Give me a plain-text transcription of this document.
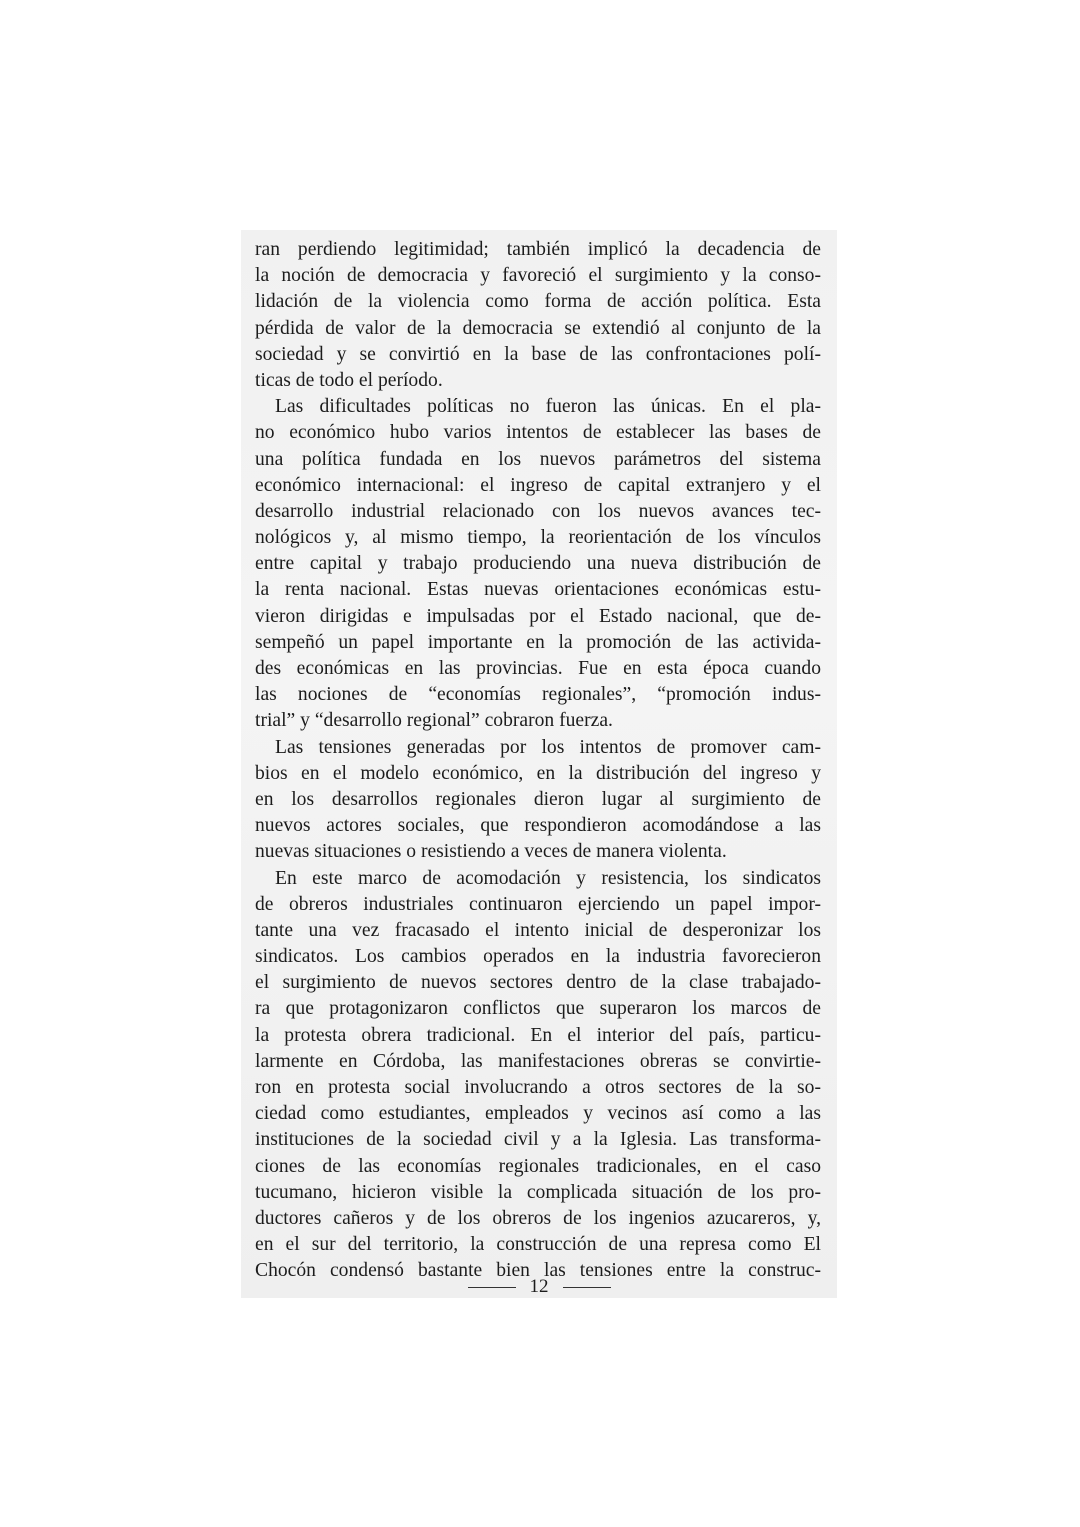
ran perdiendo legitimidad; también implicó la decadencia de
la noción de democracia y favoreció el surgimiento y la conso-
lidación de la violencia como forma de acción política. Esta
pérdida de valor de la democracia se extendió al conjunto de la
sociedad y se convirtió en la base de las confrontaciones polí-
ticas de todo el período.
Las dificultades políticas no fueron las únicas. En el pla-
no económico hubo varios intentos de establecer las bases de
una política fundada en los nuevos parámetros del sistema
económico internacional: el ingreso de capital extranjero y el
desarrollo industrial relacionado con los nuevos avances tec-
nológicos y, al mismo tiempo, la reorientación de los vínculos
entre capital y trabajo produciendo una nueva distribución de
la renta nacional. Estas nuevas orientaciones económicas estu-
vieron dirigidas e impulsadas por el Estado nacional, que de-
sempeñó un papel importante en la promoción de las activida-
des económicas en las provincias. Fue en esta época cuando
las nociones de “economías regionales”, “promoción indus-
trial” y “desarrollo regional” cobraron fuerza.
Las tensiones generadas por los intentos de promover cam-
bios en el modelo económico, en la distribución del ingreso y
en los desarrollos regionales dieron lugar al surgimiento de
nuevos actores sociales, que respondieron acomodándose a las
nuevas situaciones o resistiendo a veces de manera violenta.
En este marco de acomodación y resistencia, los sindicatos
de obreros industriales continuaron ejerciendo un papel impor-
tante una vez fracasado el intento inicial de desperonizar los
sindicatos. Los cambios operados en la industria favorecieron
el surgimiento de nuevos sectores dentro de la clase trabajado-
ra que protagonizaron conflictos que superaron los marcos de
la protesta obrera tradicional. En el interior del país, particu-
larmente en Córdoba, las manifestaciones obreras se convirtie-
ron en protesta social involucrando a otros sectores de la so-
ciedad como estudiantes, empleados y vecinos así como a las
instituciones de la sociedad civil y a la Iglesia. Las transforma-
ciones de las economías regionales tradicionales, en el caso
tucumano, hicieron visible la complicada situación de los pro-
ductores cañeros y de los obreros de los ingenios azucareros, y,
en el sur del territorio, la construcción de una represa como El
Chocón condensó bastante bien las tensiones entre la construc-
12
